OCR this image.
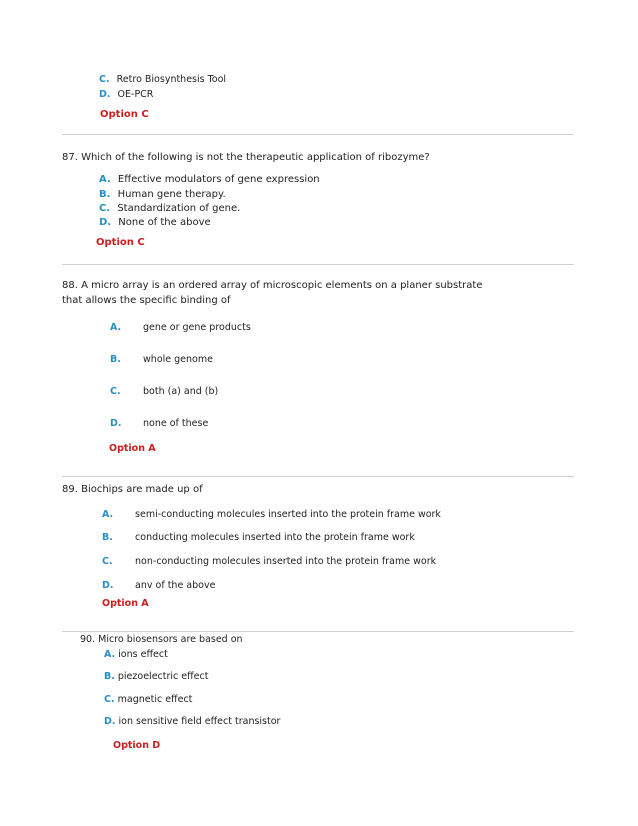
C. Retro Biosynthesis Tool
D. OE-PCR
Option C
87. Which of the following is not the therapeutic application of ribozyme?
A. Effective modulators of gene expression
B. Human gene therapy.
C. Standardization of gene.
D. None of the above
Option C
88. A micro array is an ordered array of microscopic elements on a planer substrate
that allows the specific binding of
A. gene or gene products
B. whole genome
C. both (a) and (b)
D. none of these
Option A
89. Biochips are made up of
A. semi-conducting molecules inserted into the protein frame work
B. conducting molecules inserted into the protein frame work
C. non-conducting molecules inserted into the protein frame work
D. anv of the above
Option A
90. Micro biosensors are based on
A. ions effect
B. piezoelectric effect
C. magnetic effect
D. ion sensitive field effect transistor
Option D
